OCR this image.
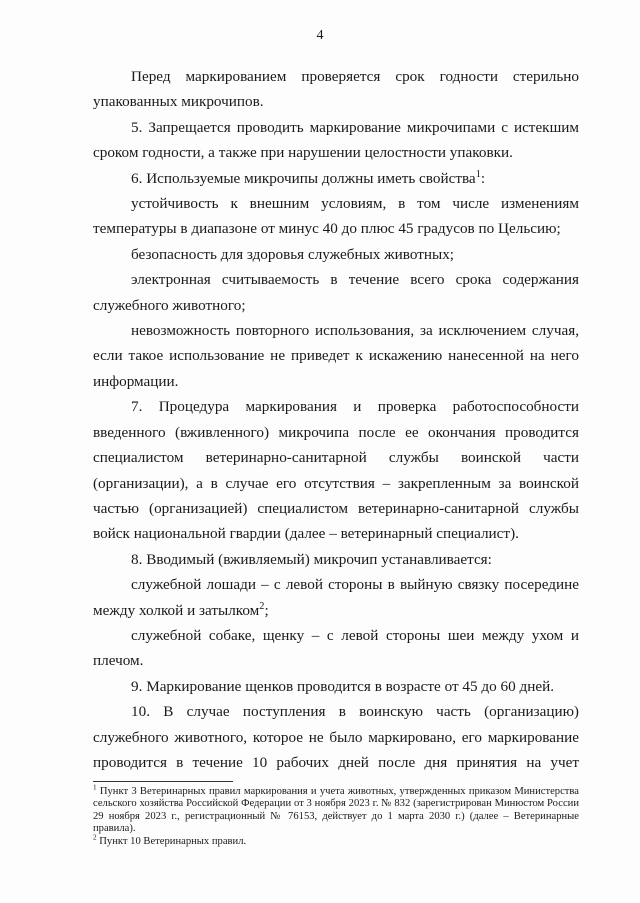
4

Перед маркированием проверяется срок годности стерильно упакованных микрочипов.

5. Запрещается проводить маркирование микрочипами с истекшим сроком годности, а также при нарушении целостности упаковки.

6. Используемые микрочипы должны иметь свойства$^1$:

устойчивость к внешним условиям, в том числе изменениям температуры в диапазоне от минус 40 до плюс 45 градусов по Цельсию;

безопасность для здоровья служебных животных;

электронная считываемость в течение всего срока содержания служебного животного;

невозможность повторного использования, за исключением случая, если такое использование не приведет к искажению нанесенной на него информации.

7. Процедура маркирования и проверка работоспособности введенного (вживленного) микрочипа после ее окончания проводится специалистом ветеринарно-санитарной службы воинской части (организации), а в случае его отсутствия – закрепленным за воинской частью (организацией) специалистом ветеринарно-санитарной службы войск национальной гвардии (далее – ветеринарный специалист).

8. Вводимый (вживляемый) микрочип устанавливается:

служебной лошади – с левой стороны в выйную связку посередине между холкой и затылком$^2$;

служебной собаке, щенку – с левой стороны шеи между ухом и плечом.

9. Маркирование щенков проводится в возрасте от 45 до 60 дней.

10. В случае поступления в воинскую часть (организацию) служебного животного, которое не было маркировано, его маркирование проводится в течение 10 рабочих дней после дня принятия на учет

$^1$ Пункт 3 Ветеринарных правил маркирования и учета животных, утвержденных приказом Министерства сельского хозяйства Российской Федерации от 3 ноября 2023 г. № 832 (зарегистрирован Минюстом России 29 ноября 2023 г., регистрационный № 76153, действует до 1 марта 2030 г.) (далее – Ветеринарные правила).

$^2$ Пункт 10 Ветеринарных правил.
